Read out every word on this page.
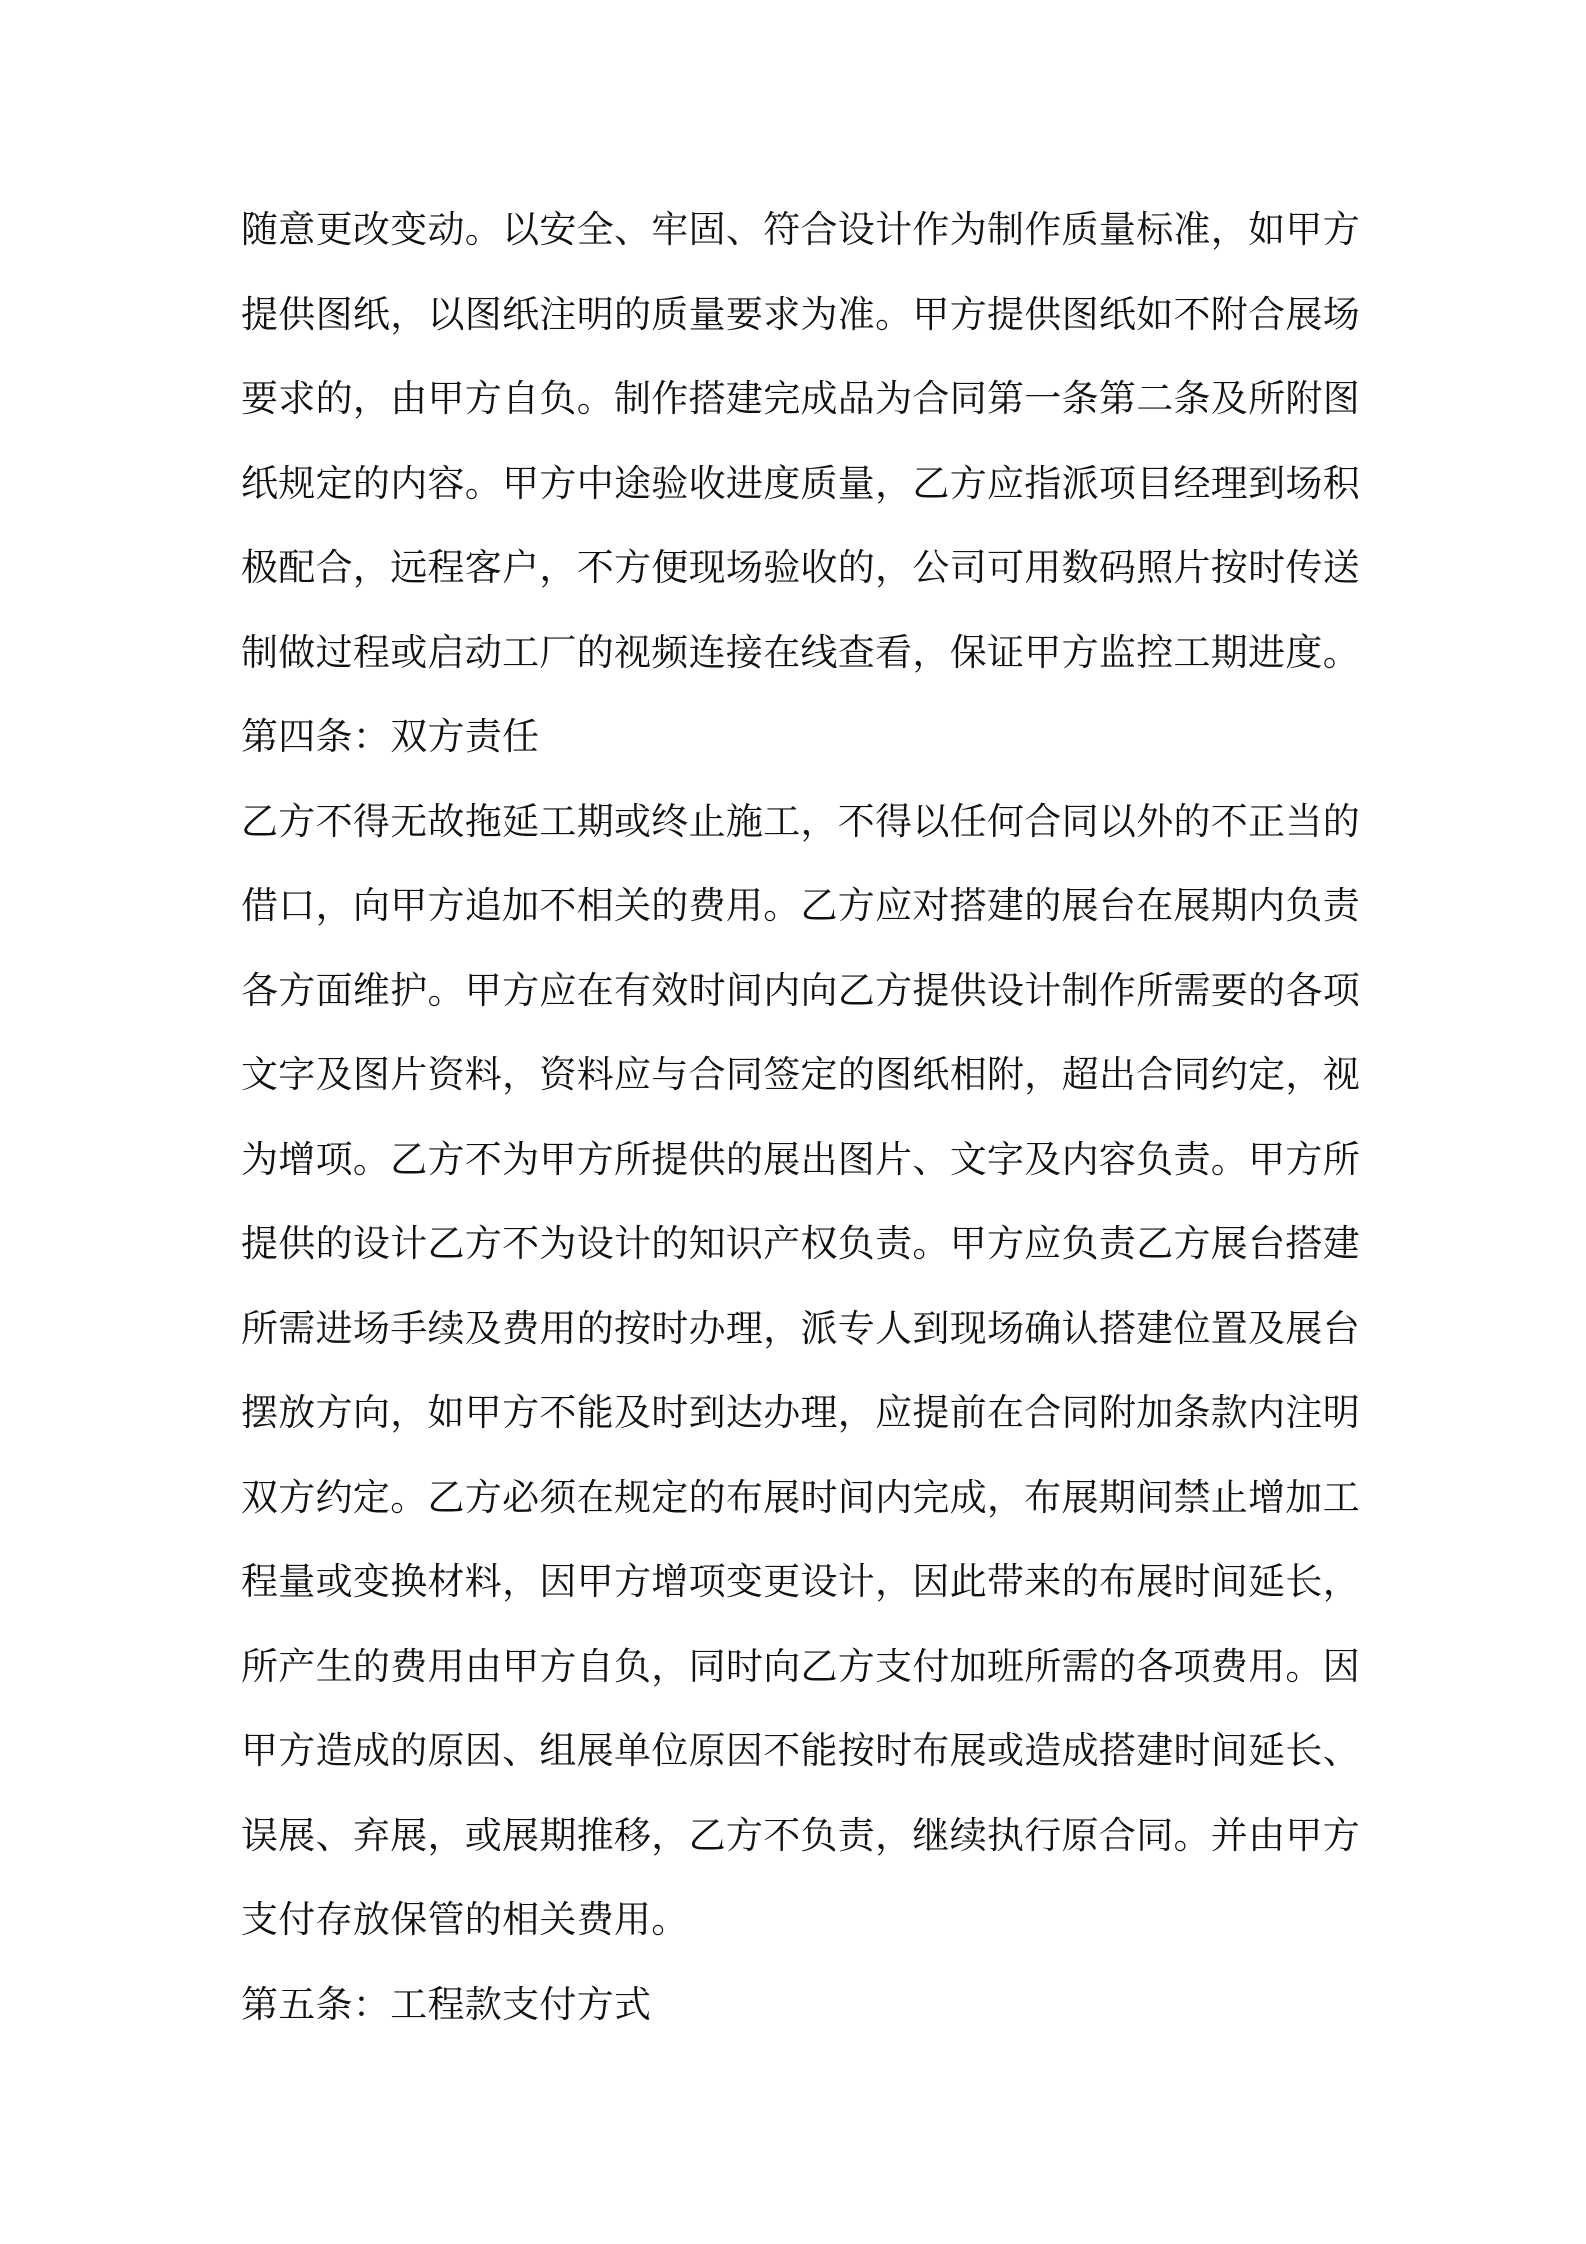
随意更改变动。以安全、牢固、符合设计作为制作质量标准，如甲方
提供图纸，以图纸注明的质量要求为准。甲方提供图纸如不附合展场
要求的，由甲方自负。制作搭建完成品为合同第一条第二条及所附图
纸规定的内容。甲方中途验收进度质量，乙方应指派项目经理到场积
极配合，远程客户，不方便现场验收的，公司可用数码照片按时传送
制做过程或启动工厂的视频连接在线查看，保证甲方监控工期进度。
第四条：双方责任
乙方不得无故拖延工期或终止施工，不得以任何合同以外的不正当的
借口，向甲方追加不相关的费用。乙方应对搭建的展台在展期内负责
各方面维护。甲方应在有效时间内向乙方提供设计制作所需要的各项
文字及图片资料，资料应与合同签定的图纸相附，超出合同约定，视
为增项。乙方不为甲方所提供的展出图片、文字及内容负责。甲方所
提供的设计乙方不为设计的知识产权负责。甲方应负责乙方展台搭建
所需进场手续及费用的按时办理，派专人到现场确认搭建位置及展台
摆放方向，如甲方不能及时到达办理，应提前在合同附加条款内注明
双方约定。乙方必须在规定的布展时间内完成，布展期间禁止增加工
程量或变换材料，因甲方增项变更设计，因此带来的布展时间延长，
所产生的费用由甲方自负，同时向乙方支付加班所需的各项费用。因
甲方造成的原因、组展单位原因不能按时布展或造成搭建时间延长、
误展、弃展，或展期推移，乙方不负责，继续执行原合同。并由甲方
支付存放保管的相关费用。
第五条：工程款支付方式
